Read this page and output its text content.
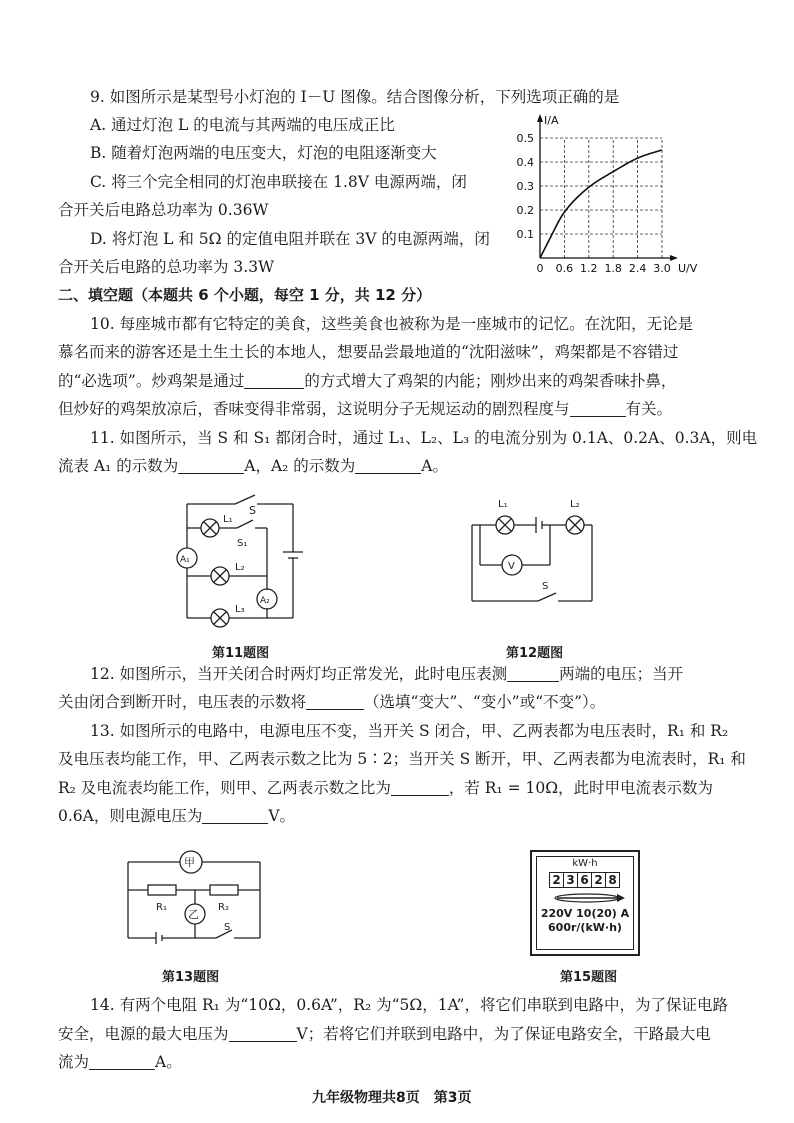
9. 如图所示是某型号小灯泡的 I－U 图像。结合图像分析，下列选项正确的是
A. 通过灯泡 L 的电流与其两端的电压成正比
B. 随着灯泡两端的电压变大，灯泡的电阻逐渐变大
C. 将三个完全相同的灯泡串联接在 1.8V 电源两端，闭
合开关后电路总功率为 0.36W
D. 将灯泡 L 和 5Ω 的定值电阻并联在 3V 的电源两端，闭
合开关后电路的总功率为 3.3W	0 0.6 1.2 1.8 2.4 3.0
0.1
0.2
0.3
0.4
0.5
I/A
U/V
二、填空题（本题共 6 个小题，每空 1 分，共 12 分）
10. 每座城市都有它特定的美食，这些美食也被称为是一座城市的记忆。在沈阳，无论是
慕名而来的游客还是土生土长的本地人，想要品尝最地道的“沈阳滋味”，鸡架都是不容错过
的“必选项”。炒鸡架是通过	的方式增大了鸡架的内能；刚炒出来的鸡架香味扑鼻，
但炒好的鸡架放凉后，香味变得非常弱，这说明分子无规运动的剧烈程度与	有关。
11. 如图所示，当 S 和 S₁ 都闭合时，通过 L₁、L₂、L₃ 的电流分别为 0.1A、0.2A、0.3A，则电
流表 A₁ 的示数为	A，A₂ 的示数为	A。
S
L₁
S₁
L₂
L₃
A₁
A₂
L₁	L₂
V
S
第11题图	第12题图
12. 如图所示，当开关闭合时两灯均正常发光，此时电压表测	两端的电压；当开
关由闭合到断开时，电压表的示数将	（选填“变大”、“变小”或“不变”）。
13. 如图所示的电路中，电源电压不变，当开关 S 闭合，甲、乙两表都为电压表时，R₁ 和 R₂
及电压表均能工作，甲、乙两表示数之比为 5∶2；当开关 S 断开，甲、乙两表都为电流表时，R₁ 和
R₂ 及电流表均能工作，则甲、乙两表示数之比为	，若 R₁ = 10Ω，此时甲电流表示数为
0.6A，则电源电压为	V。
甲
乙
R₁	R₂
S
kW·h
2 3 6 2 8
220V 10(20) A
600r/(kW·h)
第13题图	第15题图
14. 有两个电阻 R₁ 为“10Ω，0.6A”，R₂ 为“5Ω，1A”，将它们串联到电路中，为了保证电路
安全，电源的最大电压为	V；若将它们并联到电路中，为了保证电路安全，干路最大电
流为	A。
九年级物理共8页　第3页
